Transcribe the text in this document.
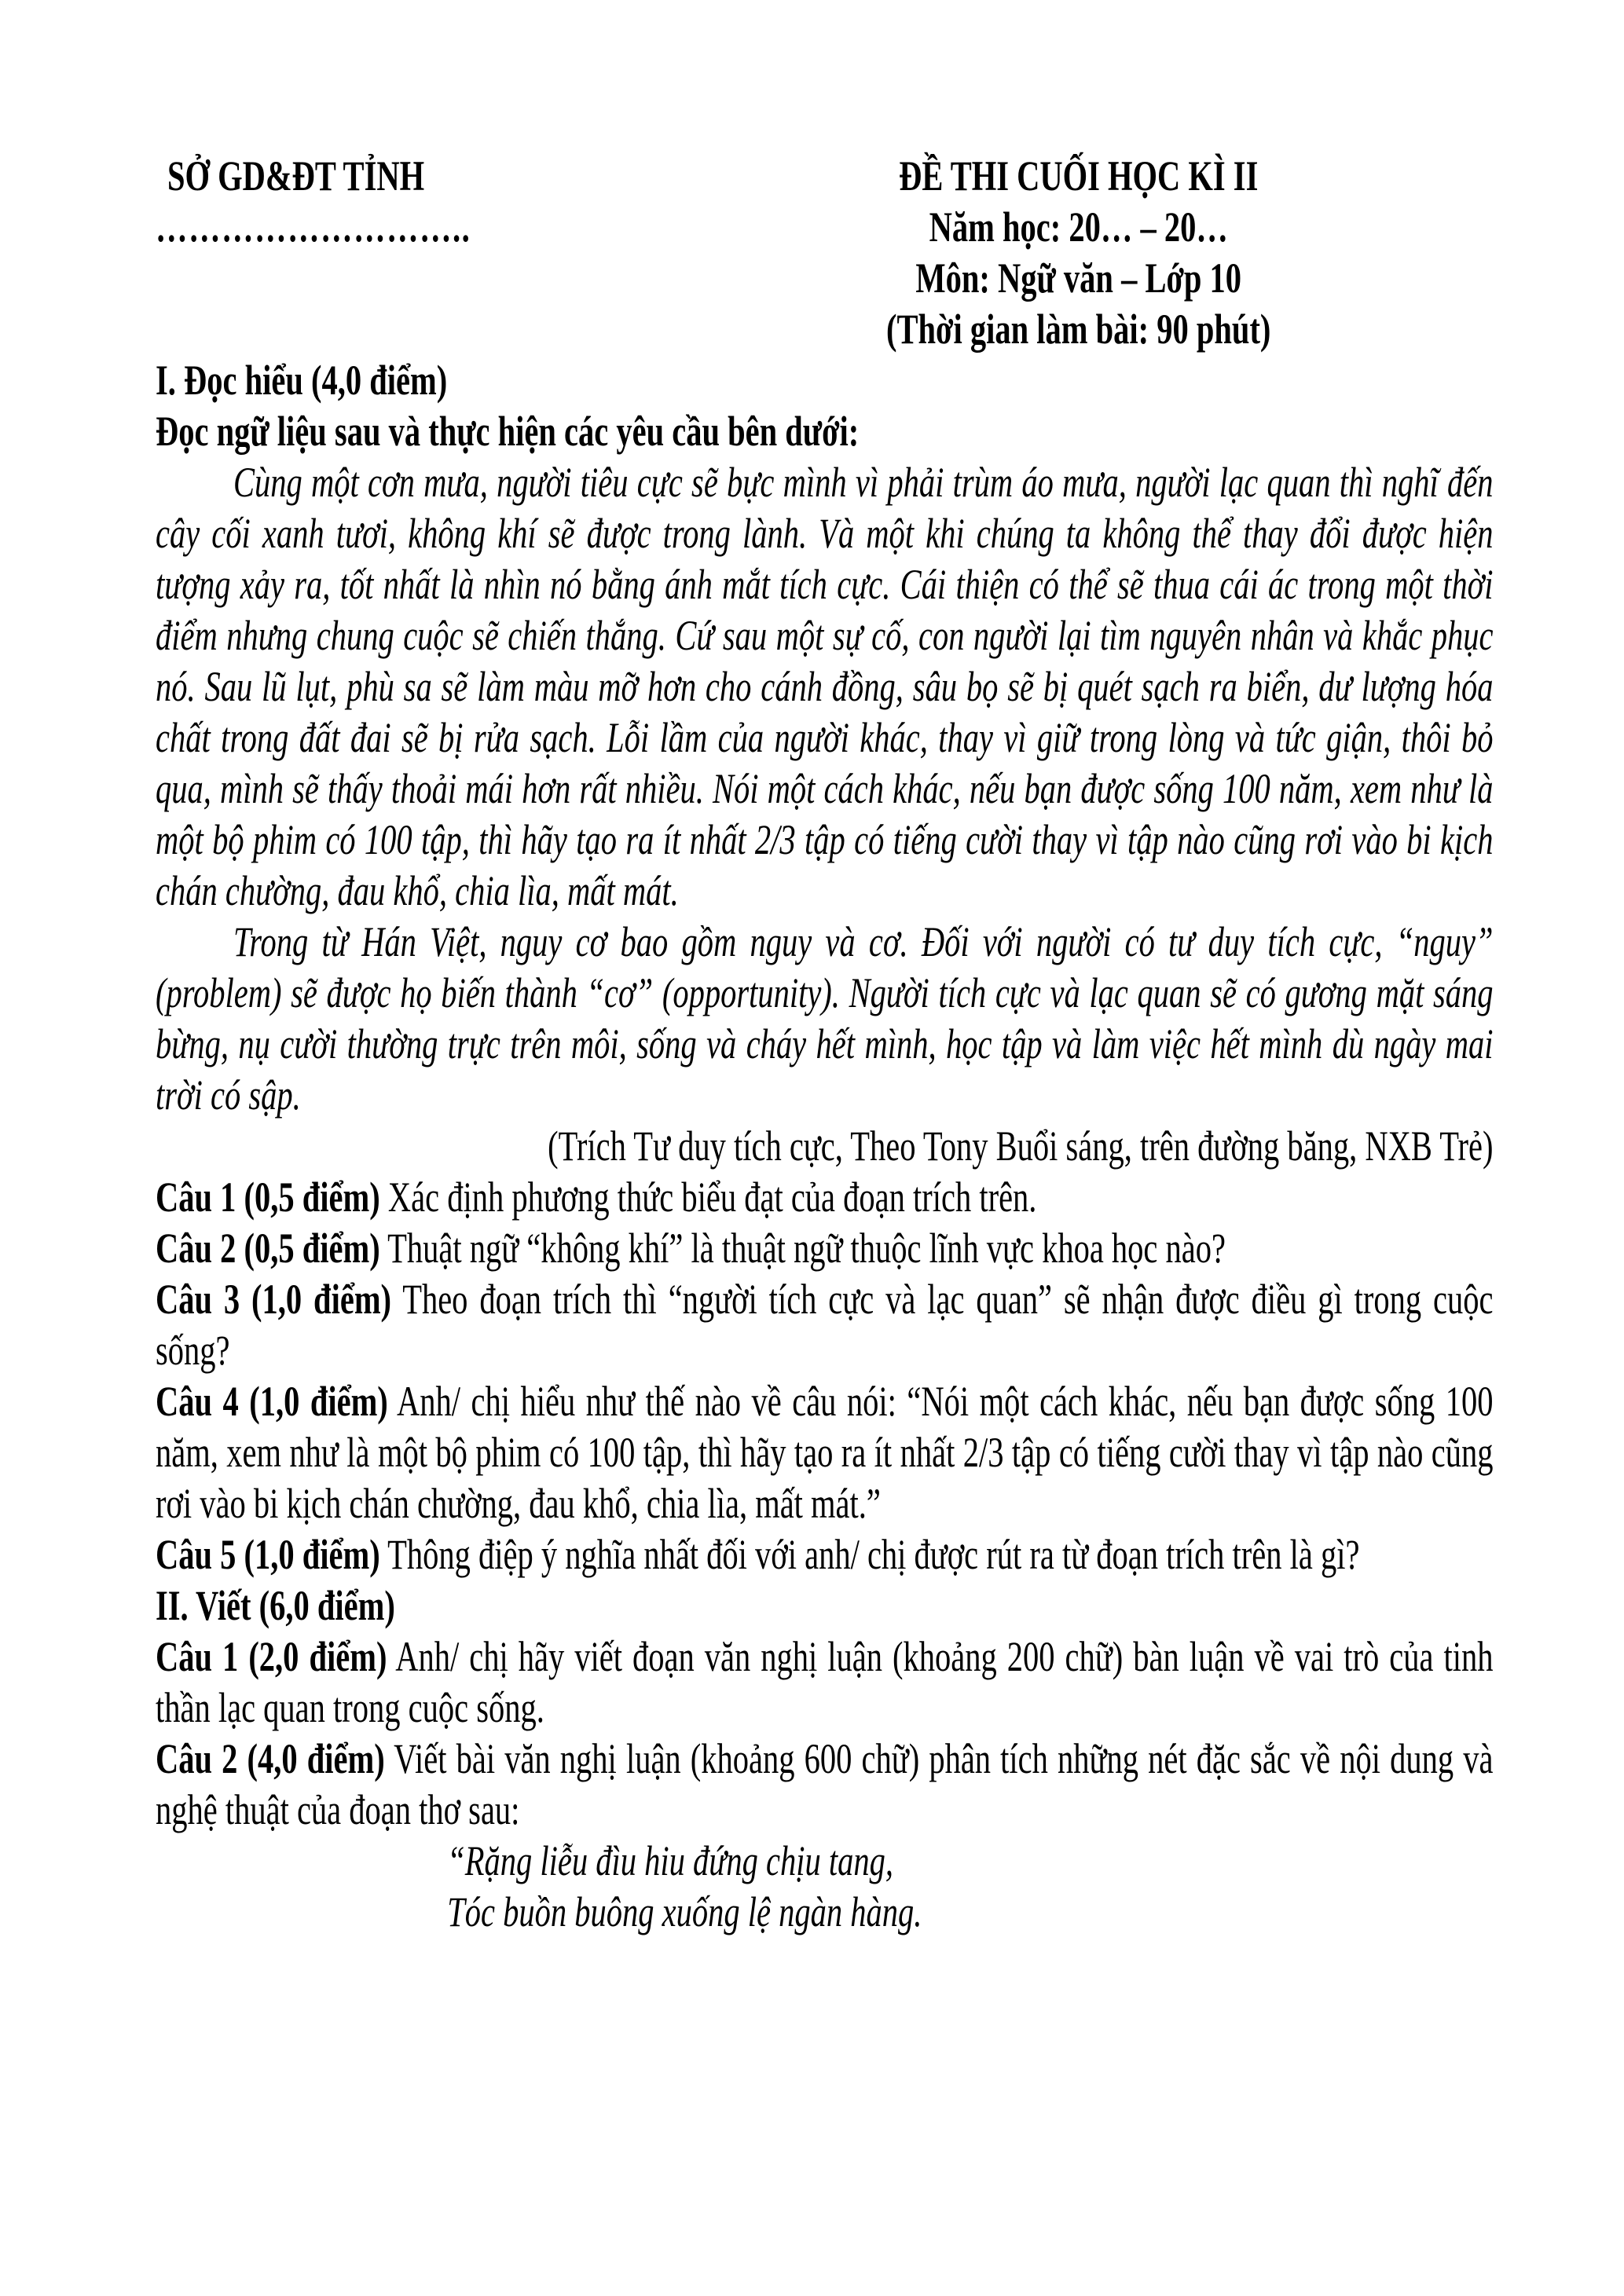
SỞ GD&ĐT TỈNH
………………………..
ĐỀ THI CUỐI HỌC KÌ II
Năm học: 20… – 20…
Môn: Ngữ văn – Lớp 10
(Thời gian làm bài: 90 phút)
I. Đọc hiểu (4,0 điểm)
Đọc ngữ liệu sau và thực hiện các yêu cầu bên dưới:

Cùng một cơn mưa, người tiêu cực sẽ bực mình vì phải trùm áo mưa, người lạc quan thì nghĩ đến cây cối xanh tươi, không khí sẽ được trong lành. Và một khi chúng ta không thể thay đổi được hiện tượng xảy ra, tốt nhất là nhìn nó bằng ánh mắt tích cực. Cái thiện có thể sẽ thua cái ác trong một thời điểm nhưng chung cuộc sẽ chiến thắng. Cứ sau một sự cố, con người lại tìm nguyên nhân và khắc phục nó. Sau lũ lụt, phù sa sẽ làm màu mỡ hơn cho cánh đồng, sâu bọ sẽ bị quét sạch ra biển, dư lượng hóa chất trong đất đai sẽ bị rửa sạch. Lỗi lầm của người khác, thay vì giữ trong lòng và tức giận, thôi bỏ qua, mình sẽ thấy thoải mái hơn rất nhiều. Nói một cách khác, nếu bạn được sống 100 năm, xem như là một bộ phim có 100 tập, thì hãy tạo ra ít nhất 2/3 tập có tiếng cười thay vì tập nào cũng rơi vào bi kịch chán chường, đau khổ, chia lìa, mất mát.

Trong từ Hán Việt, nguy cơ bao gồm nguy và cơ. Đối với người có tư duy tích cực, “nguy” (problem) sẽ được họ biến thành “cơ” (opportunity). Người tích cực và lạc quan sẽ có gương mặt sáng bừng, nụ cười thường trực trên môi, sống và cháy hết mình, học tập và làm việc hết mình dù ngày mai trời có sập.

(Trích Tư duy tích cực, Theo Tony Buổi sáng, trên đường băng, NXB Trẻ)

Câu 1 (0,5 điểm) Xác định phương thức biểu đạt của đoạn trích trên.

Câu 2 (0,5 điểm) Thuật ngữ “không khí” là thuật ngữ thuộc lĩnh vực khoa học nào?

Câu 3 (1,0 điểm) Theo đoạn trích thì “người tích cực và lạc quan” sẽ nhận được điều gì trong cuộc sống?

Câu 4 (1,0 điểm) Anh/ chị hiểu như thế nào về câu nói: “Nói một cách khác, nếu bạn được sống 100 năm, xem như là một bộ phim có 100 tập, thì hãy tạo ra ít nhất 2/3 tập có tiếng cười thay vì tập nào cũng rơi vào bi kịch chán chường, đau khổ, chia lìa, mất mát.”

Câu 5 (1,0 điểm) Thông điệp ý nghĩa nhất đối với anh/ chị được rút ra từ đoạn trích trên là gì?

II. Viết (6,0 điểm)

Câu 1 (2,0 điểm) Anh/ chị hãy viết đoạn văn nghị luận (khoảng 200 chữ) bàn luận về vai trò của tinh thần lạc quan trong cuộc sống.

Câu 2 (4,0 điểm) Viết bài văn nghị luận (khoảng 600 chữ) phân tích những nét đặc sắc về nội dung và nghệ thuật của đoạn thơ sau:

“Rặng liễu đìu hiu đứng chịu tang,
Tóc buồn buông xuống lệ ngàn hàng.
